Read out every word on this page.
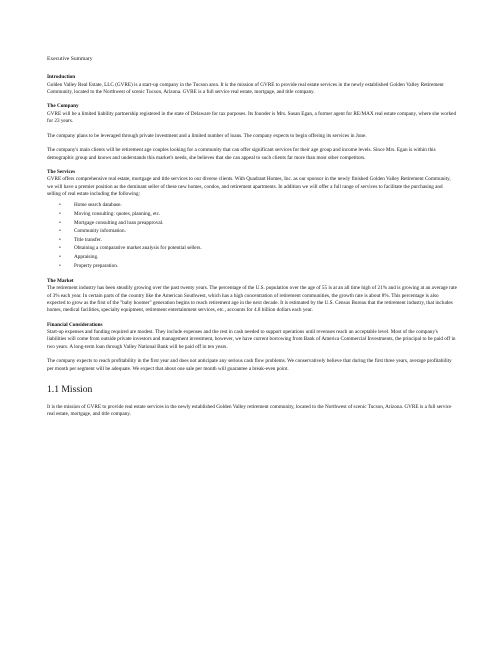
Executive Summary
Introduction

Golden Valley Real Estate, LLC (GVRE) is a start-up company in the Tucson area. It is the mission of GVRE to provide real estate services in the newly established Golden Valley Retirement Community, located to the Northwest of scenic Tucson, Arizona. GVRE is a full service real estate, mortgage, and title company.

The Company

GVRE will be a limited liability partnership registered in the state of Delaware for tax purposes. Its founder is Mrs. Susan Egan, a former agent for RE/MAX real estate company, where she worked for 23 years.

The company plans to be leveraged through private investment and a limited number of loans. The company expects to begin offering its services in June.

The company's main clients will be retirement age couples looking for a community that can offer significant services for their age group and income levels. Since Mrs. Egan is within this demographic group and knows and understands this market's needs, she believes that she can appeal to such clients far more than most other competitors.

The Services

GVRE offers comprehensive real estate, mortgage and title services to our diverse clients. With Quadrant Homes, Inc. as our sponsor in the newly finished Golden Valley Retirement Community, we will have a premier position as the dominant seller of these new homes, condos, and retirement apartments. In addition we will offer a full range of services to facilitate the purchasing and selling of real estate including the following:

•	Home search database.
•	Moving consulting: quotes, planning, etc.
•	Mortgage consulting and loan preapproval.
•	Community information.
•	Title transfer.
•	Obtaining a comparative market analysis for potential sellers.
•	Appraising.
•	Property preparation.
The Market

The retirement industry has been steadily growing over the past twenty years. The percentage of the U.S. population over the age of 55 is at an all time high of 21% and is growing at an average rate of 3% each year. In certain parts of the country like the American Southwest, which has a high concentration of retirement communities, the growth rate is about 8%. This percentage is also expected to grow as the first of the "baby boomer" generation begins to reach retirement age in the next decade. It is estimated by the U.S. Census Bureau that the retirement industry, that includes homes, medical facilities, specialty equipment, retirement entertainment services, etc., accounts for 4.8 billion dollars each year.

Financial Considerations

Start-up expenses and funding required are modest. They include expenses and the rest in cash needed to support operations until revenues reach an acceptable level. Most of the company's liabilities will come from outside private investors and management investment, however, we have current borrowing from Bank of America Commercial Investments, the principal to be paid off in two years. A long-term loan through Valley National Bank will be paid off in ten years.

The company expects to reach profitability in the first year and does not anticipate any serious cash flow problems. We conservatively believe that during the first three years, average profitability per month per segment will be adequate. We expect that about one sale per month will guarantee a break-even point.

1.1 Mission

It is the mission of GVRE to provide real estate services in the newly established Golden Valley retirement community, located to the Northwest of scenic Tucson, Arizona. GVRE is a full service real estate, mortgage, and title company.
